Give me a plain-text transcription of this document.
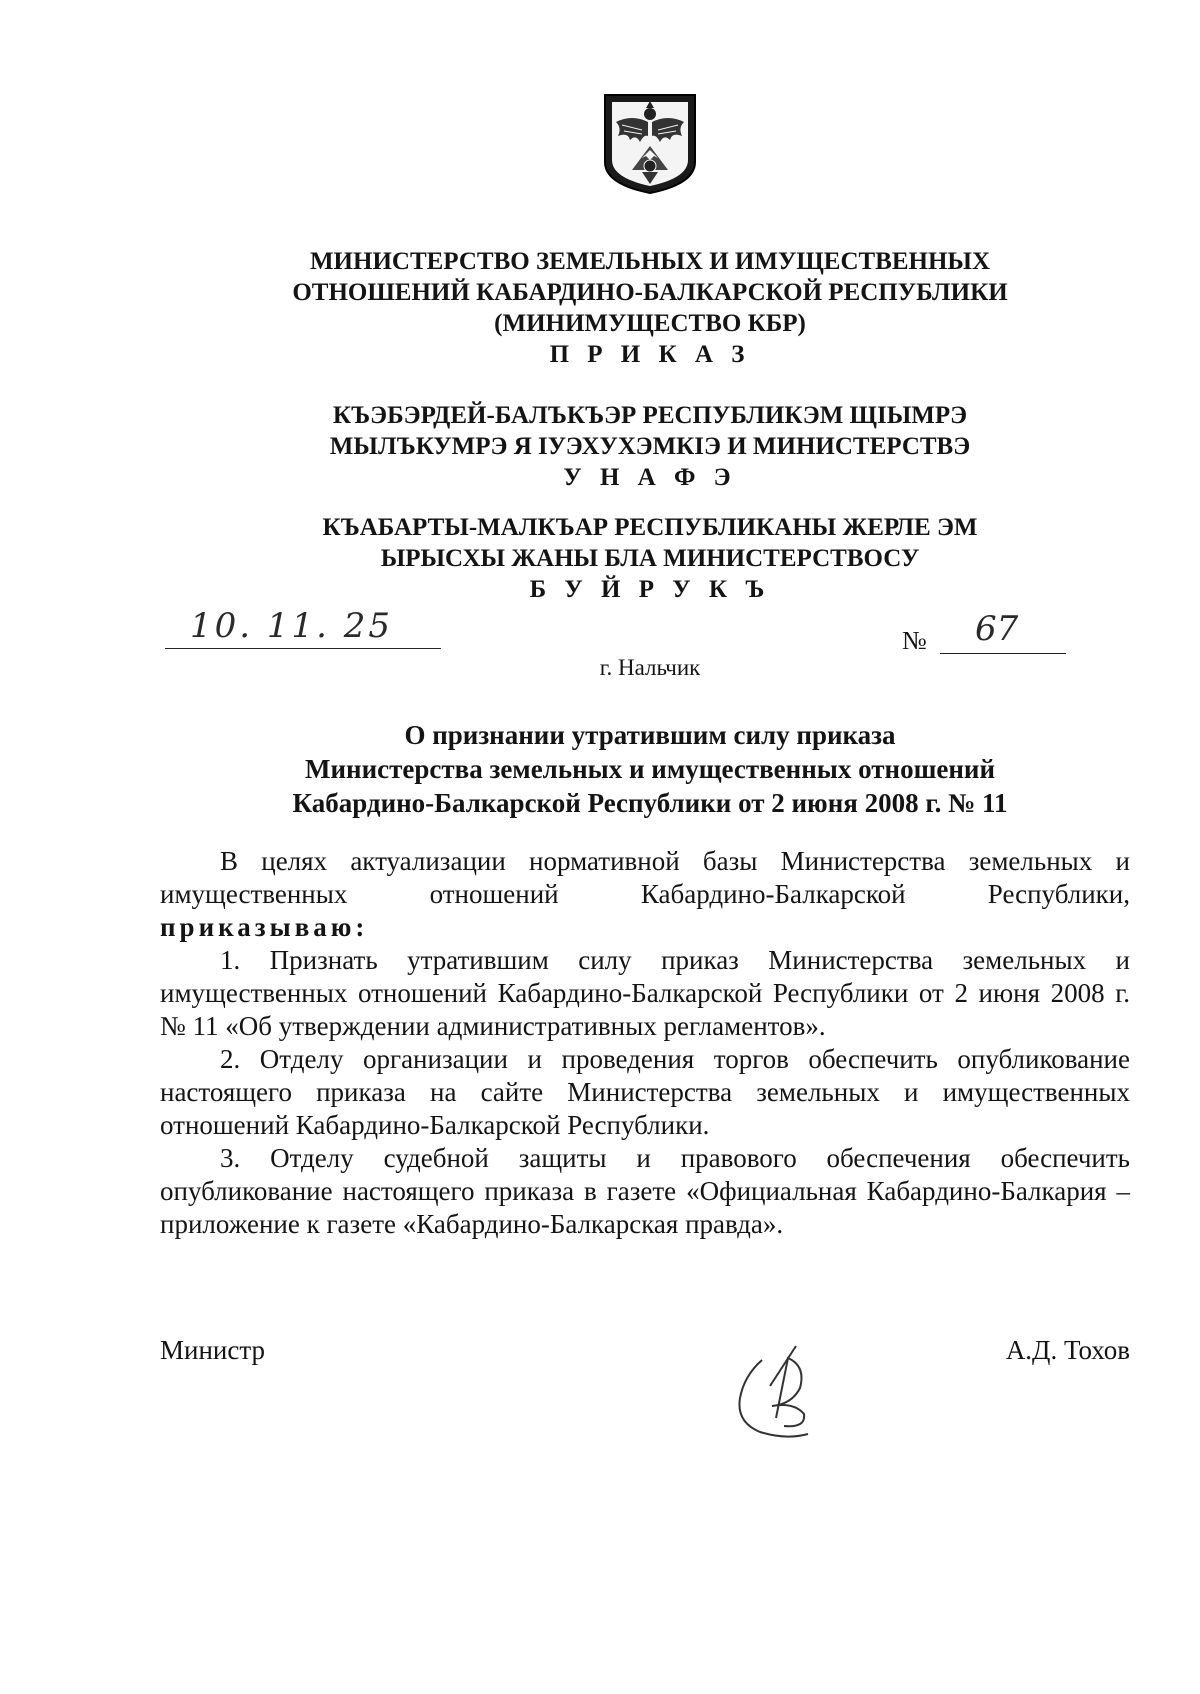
МИНИСТЕРСТВО ЗЕМЕЛЬНЫХ И ИМУЩЕСТВЕННЫХ
ОТНОШЕНИЙ КАБАРДИНО-БАЛКАРСКОЙ РЕСПУБЛИКИ
(МИНИМУЩЕСТВО КБР)
П Р И К А З
КЪЭБЭРДЕЙ-БАЛЪКЪЭР РЕСПУБЛИКЭМ ЩIЫМРЭ
МЫЛЪКУМРЭ Я IУЭХУХЭМКIЭ И МИНИСТЕРСТВЭ
У Н А Ф Э
КЪАБАРТЫ-МАЛКЪАР РЕСПУБЛИКАНЫ ЖЕРЛЕ ЭМ
ЫРЫСХЫ ЖАНЫ БЛА МИНИСТЕРСТВОСУ
Б У Й Р У К Ъ
10. 11. 25	№ 67
г. Нальчик
О признании утратившим силу приказа
Министерства земельных и имущественных отношений
Кабардино-Балкарской Республики от 2 июня 2008 г. № 11

В целях актуализации нормативной базы Министерства земельных и имущественных отношений Кабардино-Балкарской Республики,

приказываю:

1. Признать утратившим силу приказ Министерства земельных и имущественных отношений Кабардино-Балкарской Республики от 2 июня 2008 г. № 11 «Об утверждении административных регламентов».

2. Отделу организации и проведения торгов обеспечить опубликование настоящего приказа на сайте Министерства земельных и имущественных отношений Кабардино-Балкарской Республики.

3. Отделу судебной защиты и правового обеспечения обеспечить опубликование настоящего приказа в газете «Официальная Кабардино-Балкария – приложение к газете «Кабардино-Балкарская правда».

Министр	А.Д. Тохов
